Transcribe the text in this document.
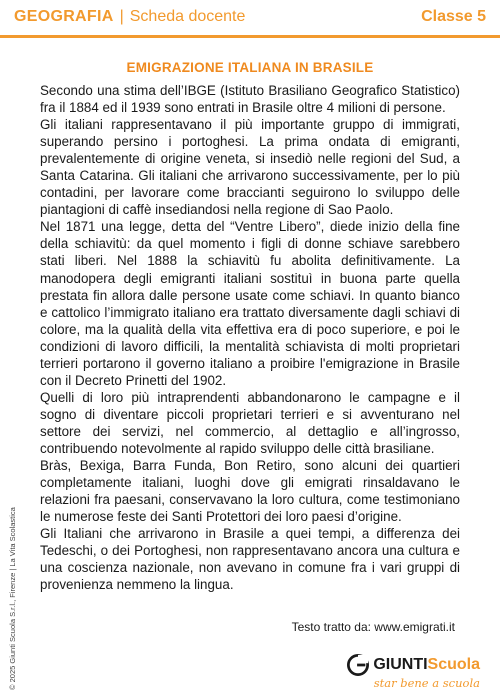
GEOGRAFIA | Scheda docente	Classe 5
EMIGRAZIONE ITALIANA IN BRASILE

Secondo una stima dell’IBGE (Istituto Brasiliano Geografico Statistico) fra il 1884 ed il 1939 sono entrati in Brasile oltre 4 milioni di persone.

Gli italiani rappresentavano il più importante gruppo di immigrati, superando persino i portoghesi. La prima ondata di emigranti, prevalentemente di origine veneta, si insediò nelle regioni del Sud, a Santa Catarina. Gli italiani che arrivarono successivamente, per lo più contadini, per lavorare come braccianti seguirono lo sviluppo delle piantagioni di caffè insediandosi nella regione di Sao Paolo.

Nel 1871 una legge, detta del “Ventre Libero”, diede inizio della fine della schiavitù: da quel momento i figli di donne schiave sarebbero stati liberi. Nel 1888 la schiavitù fu abolita definitivamente. La manodopera degli emigranti italiani sostituì in buona parte quella prestata fin allora dalle persone usate come schiavi. In quanto bianco e cattolico l’immigrato italiano era trattato diversamente dagli schiavi di colore, ma la qualità della vita effettiva era di poco superiore, e poi le condizioni di lavoro difficili, la mentalità schiavista di molti proprietari terrieri portarono il governo italiano a proibire l'emigrazione in Brasile con il Decreto Prinetti del 1902.

Quelli di loro più intraprendenti abbandonarono le campagne e il sogno di diventare piccoli proprietari terrieri e si avventurano nel settore dei servizi, nel commercio, al dettaglio e all’ingrosso, contribuendo notevolmente al rapido sviluppo delle città brasiliane.

Bràs, Bexiga, Barra Funda, Bon Retiro, sono alcuni dei quartieri completamente italiani, luoghi dove gli emigrati rinsaldavano le relazioni fra paesani, conservavano la loro cultura, come testimoniano le numerose feste dei Santi Protettori dei loro paesi d’origine.

Gli Italiani che arrivarono in Brasile a quei tempi, a differenza dei Tedeschi, o dei Portoghesi, non rappresentavano ancora una cultura e una coscienza nazionale, non avevano in comune fra i vari gruppi di provenienza nemmeno la lingua.

Testo tratto da: www.emigrati.it
© 2025 Giunti Scuola S.r.l., Firenze | La Vita Scolastica	GIUNTIScuola
star bene a scuola
